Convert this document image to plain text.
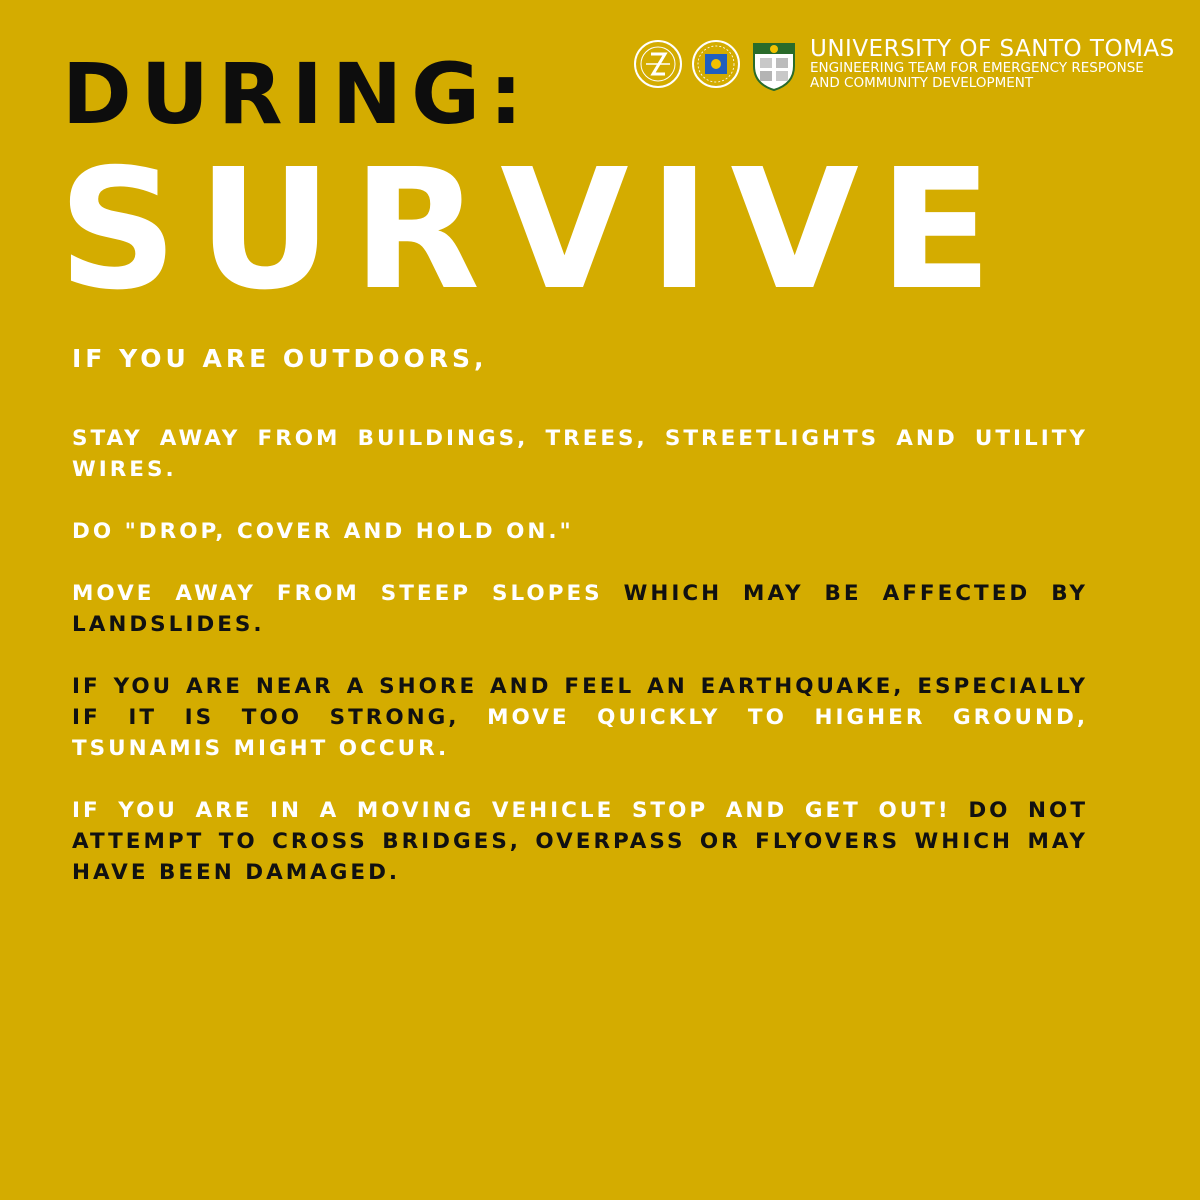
UNIVERSITY OF SANTO TOMAS
ENGINEERING TEAM FOR EMERGENCY RESPONSE
AND COMMUNITY DEVELOPMENT
DURING:
SURVIVE

IF YOU ARE OUTDOORS,

STAY AWAY FROM BUILDINGS, TREES, STREETLIGHTS AND UTILITY WIRES.

DO "DROP, COVER AND HOLD ON."

MOVE AWAY FROM STEEP SLOPES WHICH MAY BE AFFECTED BY LANDSLIDES.

IF YOU ARE NEAR A SHORE AND FEEL AN EARTHQUAKE, ESPECIALLY IF IT IS TOO STRONG, MOVE QUICKLY TO HIGHER GROUND, TSUNAMIS MIGHT OCCUR.

IF YOU ARE IN A MOVING VEHICLE STOP AND GET OUT! DO NOT ATTEMPT TO CROSS BRIDGES, OVERPASS OR FLYOVERS WHICH MAY HAVE BEEN DAMAGED.
